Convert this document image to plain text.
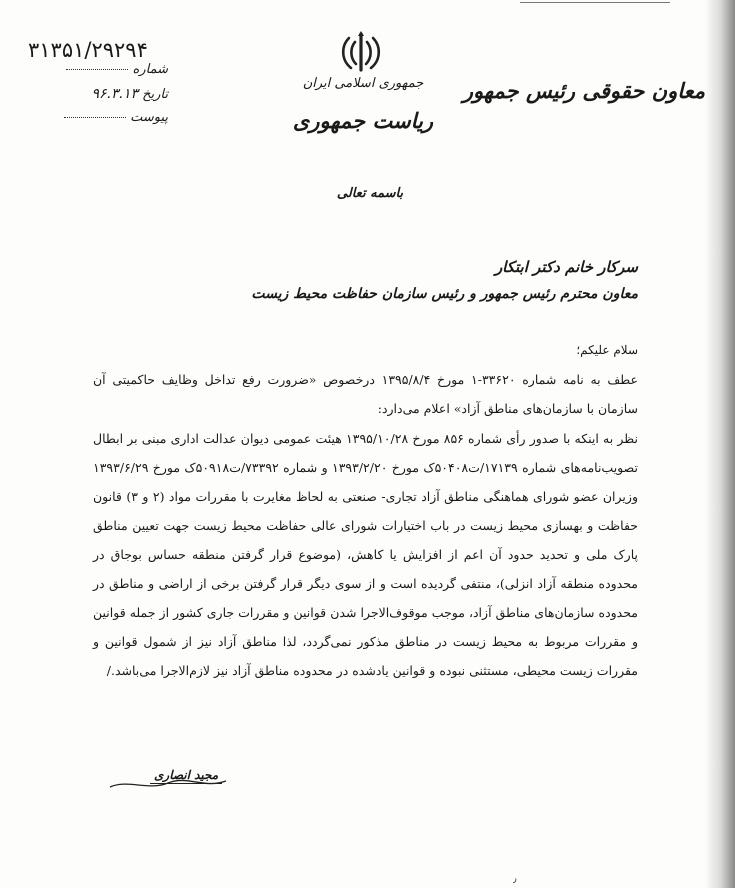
جمهوری اسلامی ایران
ریاست جمهوری
معاون حقوقی رئیس جمهور
۳۱۳۵۱/۲۹۲۹۴
شماره
تاریخ ۹۶.۳.۱۳
پیوست
باسمه تعالی
سرکار خانم دکتر ابتکار
معاون محترم رئیس جمهور و رئیس سازمان حفاظت محیط زیست
سلام علیکم؛
عطف به نامه شماره ۳۳۶۲۰-۱ مورخ ۱۳۹۵/۸/۴ درخصوص «ضرورت رفع تداخل وظایف حاکمیتی آن سازمان با سازمان‌های مناطق آزاد» اعلام می‌دارد:
نظر به اینکه با صدور رأی شماره ۸۵۶ مورخ ۱۳۹۵/۱۰/۲۸ هیئت عمومی دیوان عدالت اداری مبنی بر ابطال تصویب‌نامه‌های شماره ۱۷۱۳۹/ت۵۰۴۰۸ک مورخ ۱۳۹۳/۲/۲۰ و شماره ۷۳۳۹۲/ت۵۰۹۱۸ک مورخ ۱۳۹۳/۶/۲۹ وزیران عضو شورای هماهنگی مناطق آزاد تجاری- صنعتی به لحاظ مغایرت با مقررات مواد (۲ و ۳) قانون حفاظت و بهسازی محیط زیست در باب اختیارات شورای عالی حفاظت محیط زیست جهت تعیین مناطق پارک ملی و تحدید حدود آن اعم از افزایش یا کاهش، (موضوع قرار گرفتن منطقه حساس بوجاق در محدوده منطقه آزاد انزلی)، منتفی گردیده است و از سوی دیگر قرار گرفتن برخی از اراضی و مناطق در محدوده سازمان‌های مناطق آزاد، موجب موقوف‌الاجرا شدن قوانین و مقررات جاری کشور از جمله قوانین و مقررات مربوط به محیط زیست در مناطق مذکور نمی‌گردد، لذا مناطق آزاد نیز از شمول قوانین و مقررات زیست محیطی، مستثنی نبوده و قوانین یادشده در محدوده مناطق آزاد نیز لازم‌الاجرا می‌باشد./
مجید انصاری
٫
